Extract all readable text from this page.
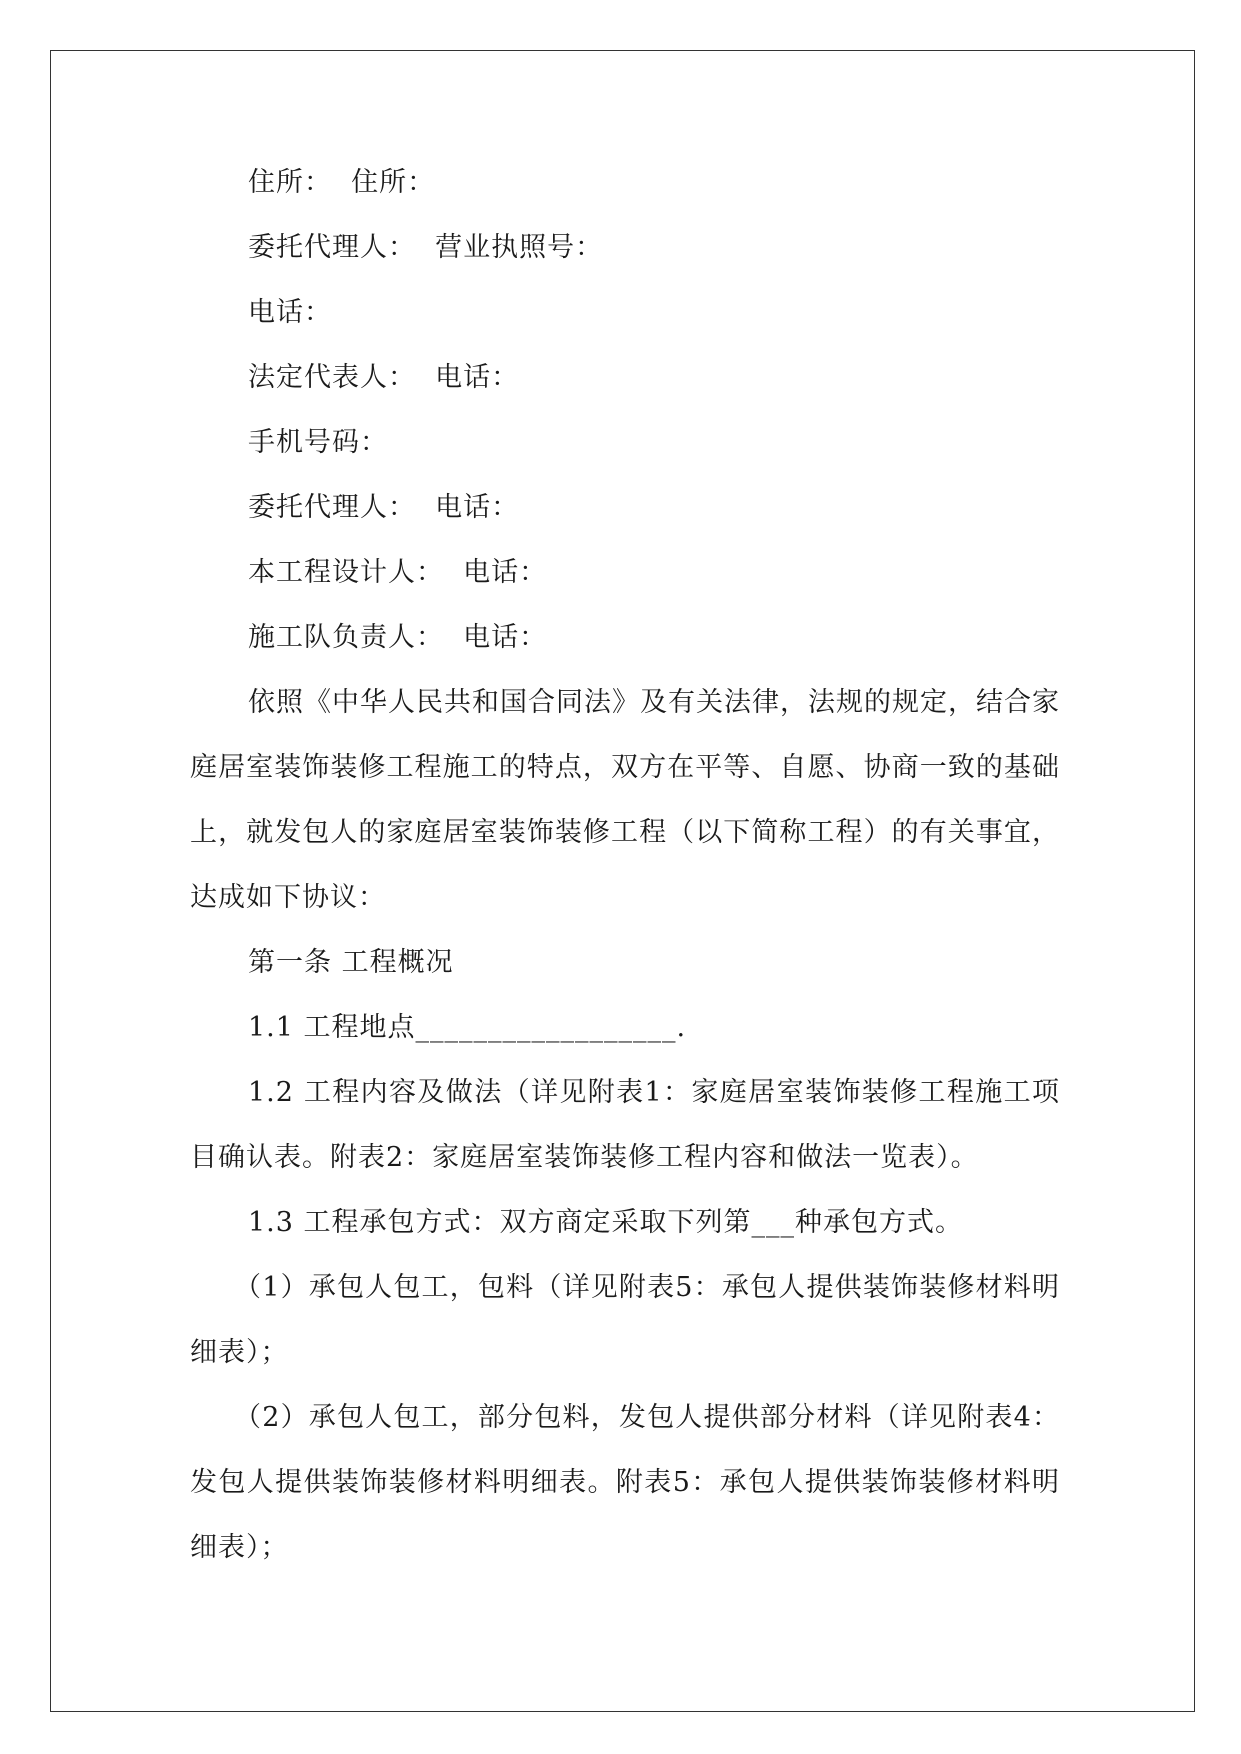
住所：  住所：

委托代理人：  营业执照号：

电话：

法定代表人：  电话：

手机号码：

委托代理人：  电话：

本工程设计人：  电话：

施工队负责人：  电话：

依照《中华人民共和国合同法》及有关法律，法规的规定，结合家庭居室装饰装修工程施工的特点，双方在平等、自愿、协商一致的基础上，就发包人的家庭居室装饰装修工程（以下简称工程）的有关事宜，达成如下协议：

第一条 工程概况

1.1 工程地点__________________.

1.2 工程内容及做法（详见附表1：家庭居室装饰装修工程施工项目确认表。附表2：家庭居室装饰装修工程内容和做法一览表）。

1.3 工程承包方式：双方商定采取下列第___种承包方式。

（1）承包人包工，包料（详见附表5：承包人提供装饰装修材料明细表）；

（2）承包人包工，部分包料，发包人提供部分材料（详见附表4：发包人提供装饰装修材料明细表。附表5：承包人提供装饰装修材料明细表）；
